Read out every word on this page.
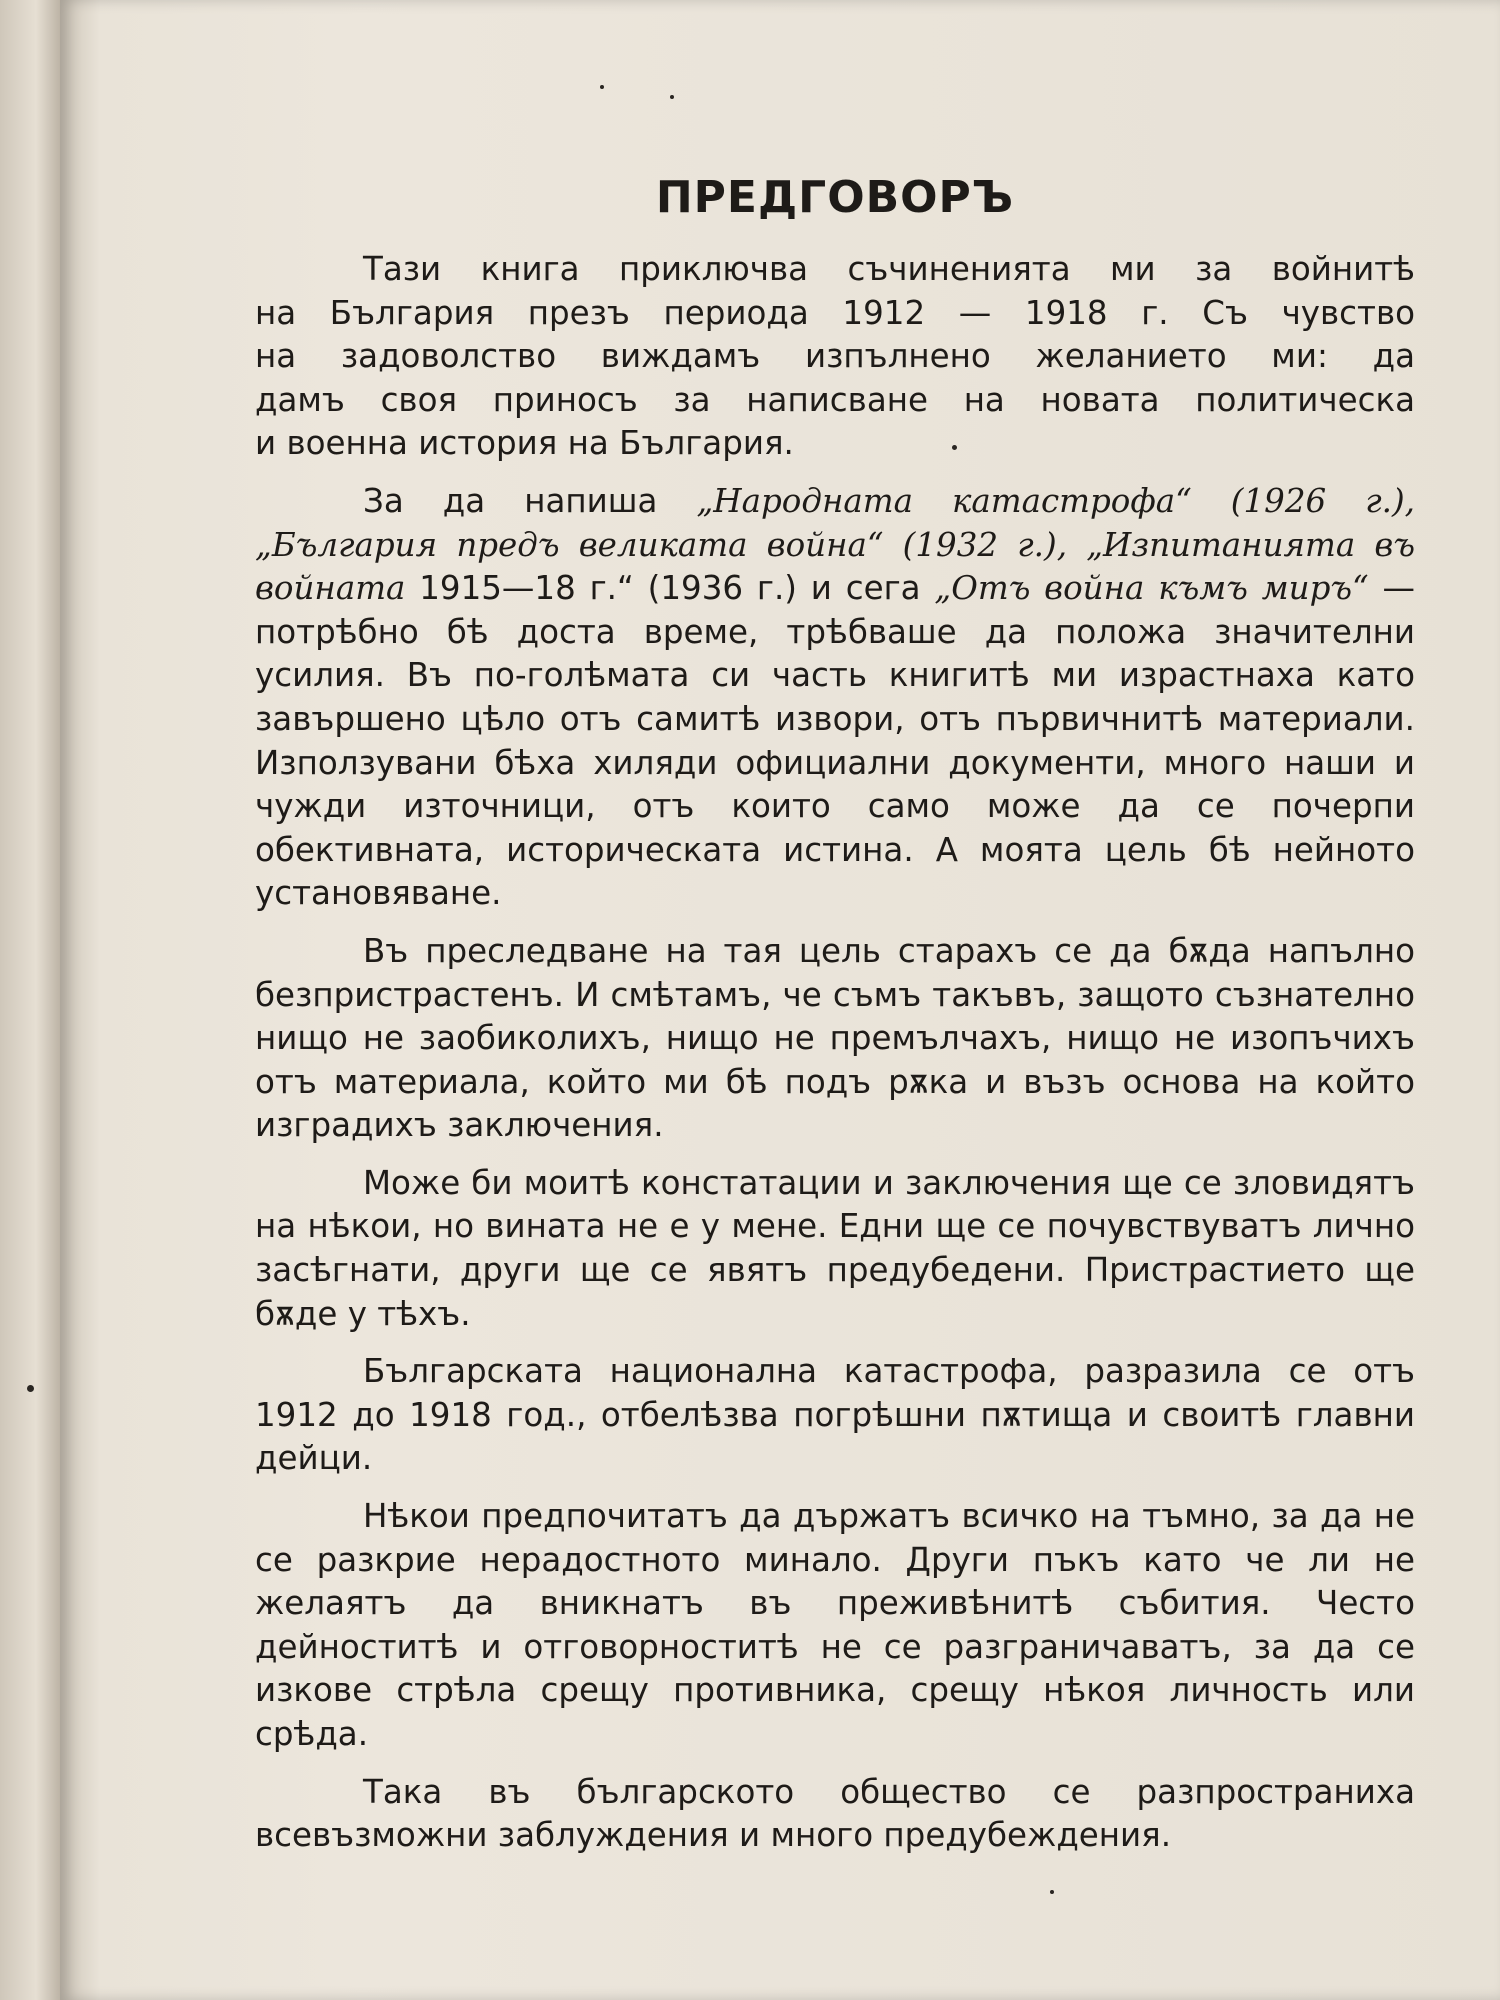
ПРЕДГОВОРЪ

Тази книга приключва съчиненията ми за войнитѣ
на България презъ периода 1912 — 1918 г. Съ чувство
на задоволство виждамъ изпълнено желанието ми: да
дамъ своя приносъ за написване на новата политическа
и военна история на България.

За да напиша „Народната катастрофа“ (1926 г.), „България предъ великата война“ (1932 г.), „Изпитанията въ войната 1915—18 г.“ (1936 г.) и сега „Отъ война къмъ миръ“ — потрѣбно бѣ доста време, трѣбваше да положа значителни усилия. Въ по-голѣмата си часть книгитѣ ми израстнаха като завършено цѣло отъ самитѣ извори, отъ първичнитѣ материали. Използувани бѣха хиляди официални документи, много наши и чужди източници, отъ които само може да се почерпи обективната, историческата истина. А моята цель бѣ нейното установяване.

Въ преследване на тая цель старахъ се да бѫда напълно безпристрастенъ. И смѣтамъ, че съмъ такъвъ, защото съзнателно нищо не заобиколихъ, нищо не премълчахъ, нищо не изопъчихъ отъ материала, който ми бѣ подъ рѫка и възъ основа на който изградихъ заключения.

Може би моитѣ констатации и заключения ще се зловидятъ на нѣкои, но вината не е у мене. Едни ще се почувствуватъ лично засѣгнати, други ще се явятъ предубедени. Пристрастието ще бѫде у тѣхъ.

Българската национална катастрофа, разразила се отъ 1912 до 1918 год., отбелѣзва погрѣшни пѫтища и своитѣ главни дейци.

Нѣкои предпочитатъ да държатъ всичко на тъмно, за да не се разкрие нерадостното минало. Други пъкъ като че ли не желаятъ да вникнатъ въ преживѣнитѣ събития. Често дейноститѣ и отговорноститѣ не се разграничаватъ, за да се изкове стрѣла срещу противника, срещу нѣкоя личность или срѣда.

Така въ българското общество се разпространиха всевъзможни заблуждения и много предубеждения.
